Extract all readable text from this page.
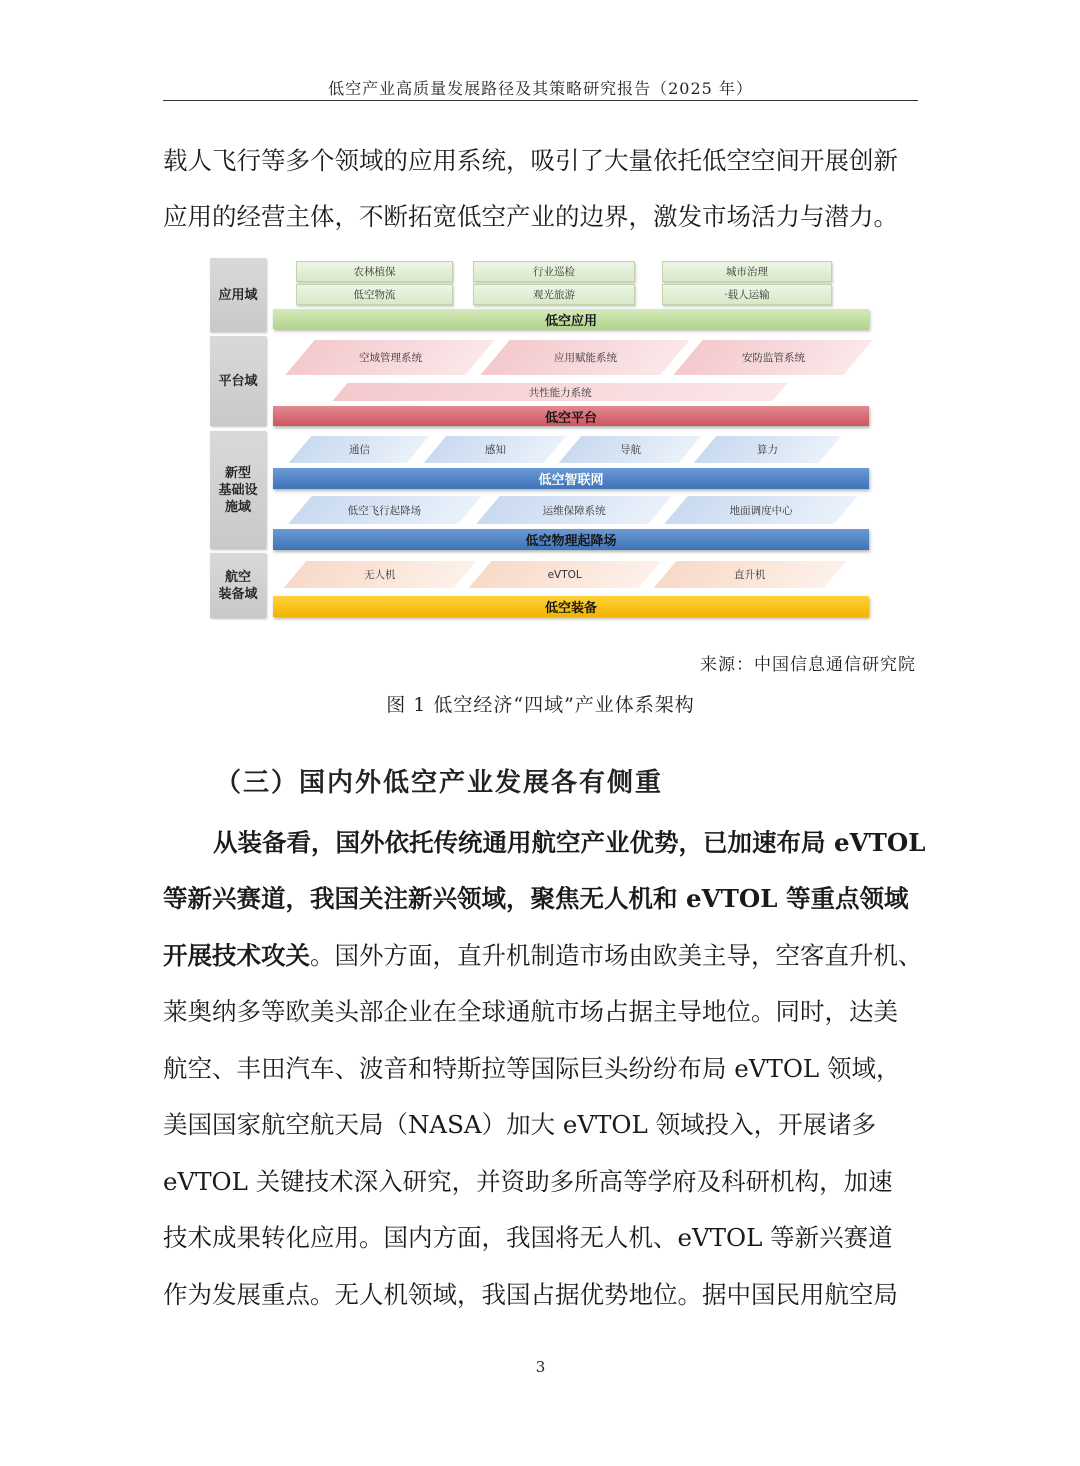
低空产业高质量发展路径及其策略研究报告（2025 年）
载人飞行等多个领域的应用系统，吸引了大量依托低空空间开展创新
应用的经营主体，不断拓宽低空产业的边界，激发市场活力与潜力。
应用域
平台域
新型
基础设
施域
航空
装备域
农林植保	行业巡检	城市治理
低空物流	观光旅游	·载人运输
低空应用
空域管理系统	应用赋能系统	安防监管系统
共性能力系统
低空平台
通信	感知	导航	算力
低空智联网
低空飞行起降场	运维保障系统	地面调度中心
低空物理起降场
无人机	eVTOL	直升机
低空装备
来源：中国信息通信研究院
图 1 低空经济“四域”产业体系架构
（三）国内外低空产业发展各有侧重
从装备看，国外依托传统通用航空产业优势，已加速布局 eVTOL
等新兴赛道，我国关注新兴领域，聚焦无人机和 eVTOL 等重点领域
开展技术攻关。国外方面，直升机制造市场由欧美主导，空客直升机、
莱奥纳多等欧美头部企业在全球通航市场占据主导地位。同时，达美
航空、丰田汽车、波音和特斯拉等国际巨头纷纷布局 eVTOL 领域，
美国国家航空航天局（NASA）加大 eVTOL 领域投入，开展诸多
eVTOL 关键技术深入研究，并资助多所高等学府及科研机构，加速
技术成果转化应用。国内方面，我国将无人机、eVTOL 等新兴赛道
作为发展重点。无人机领域，我国占据优势地位。据中国民用航空局
3
